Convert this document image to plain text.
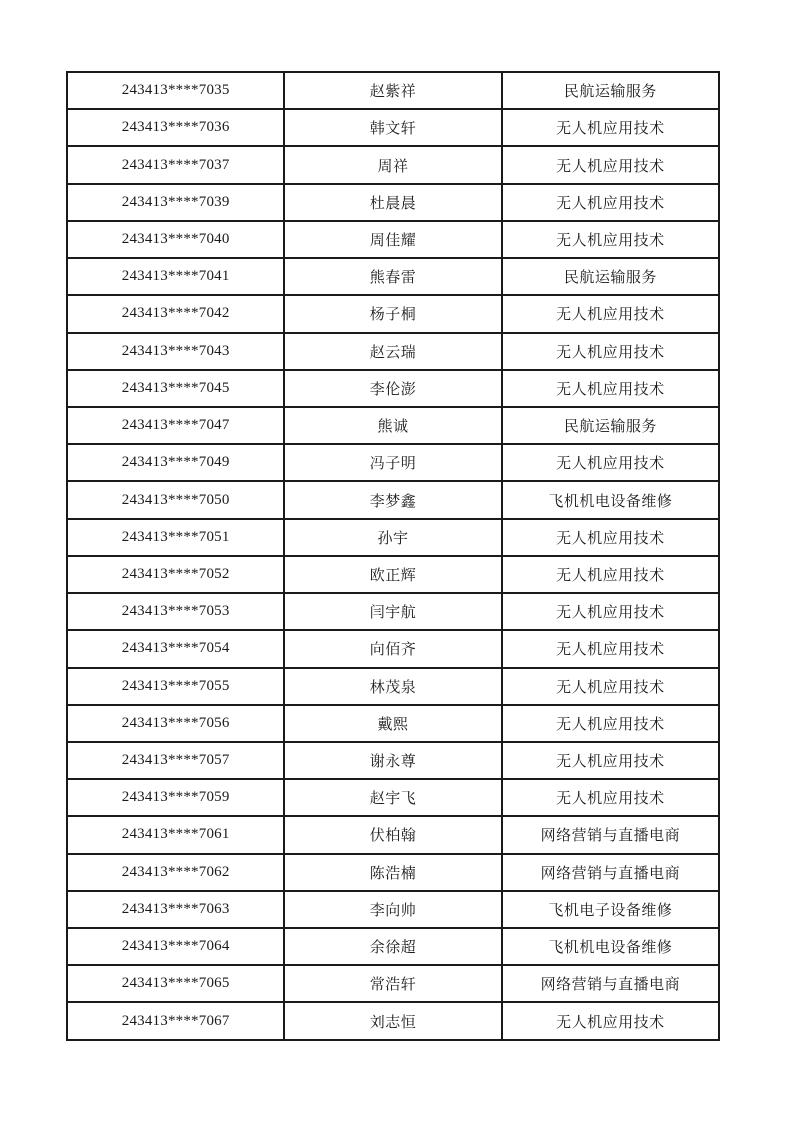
243413****7035	赵紫祥	民航运输服务
243413****7036	韩文轩	无人机应用技术
243413****7037	周祥	无人机应用技术
243413****7039	杜晨晨	无人机应用技术
243413****7040	周佳耀	无人机应用技术
243413****7041	熊春雷	民航运输服务
243413****7042	杨子桐	无人机应用技术
243413****7043	赵云瑞	无人机应用技术
243413****7045	李伦澎	无人机应用技术
243413****7047	熊诚	民航运输服务
243413****7049	冯子明	无人机应用技术
243413****7050	李梦鑫	飞机机电设备维修
243413****7051	孙宇	无人机应用技术
243413****7052	欧正辉	无人机应用技术
243413****7053	闫宇航	无人机应用技术
243413****7054	向佰齐	无人机应用技术
243413****7055	林茂泉	无人机应用技术
243413****7056	戴熙	无人机应用技术
243413****7057	谢永尊	无人机应用技术
243413****7059	赵宇飞	无人机应用技术
243413****7061	伏柏翰	网络营销与直播电商
243413****7062	陈浩楠	网络营销与直播电商
243413****7063	李向帅	飞机电子设备维修
243413****7064	余徐超	飞机机电设备维修
243413****7065	常浩轩	网络营销与直播电商
243413****7067	刘志恒	无人机应用技术
